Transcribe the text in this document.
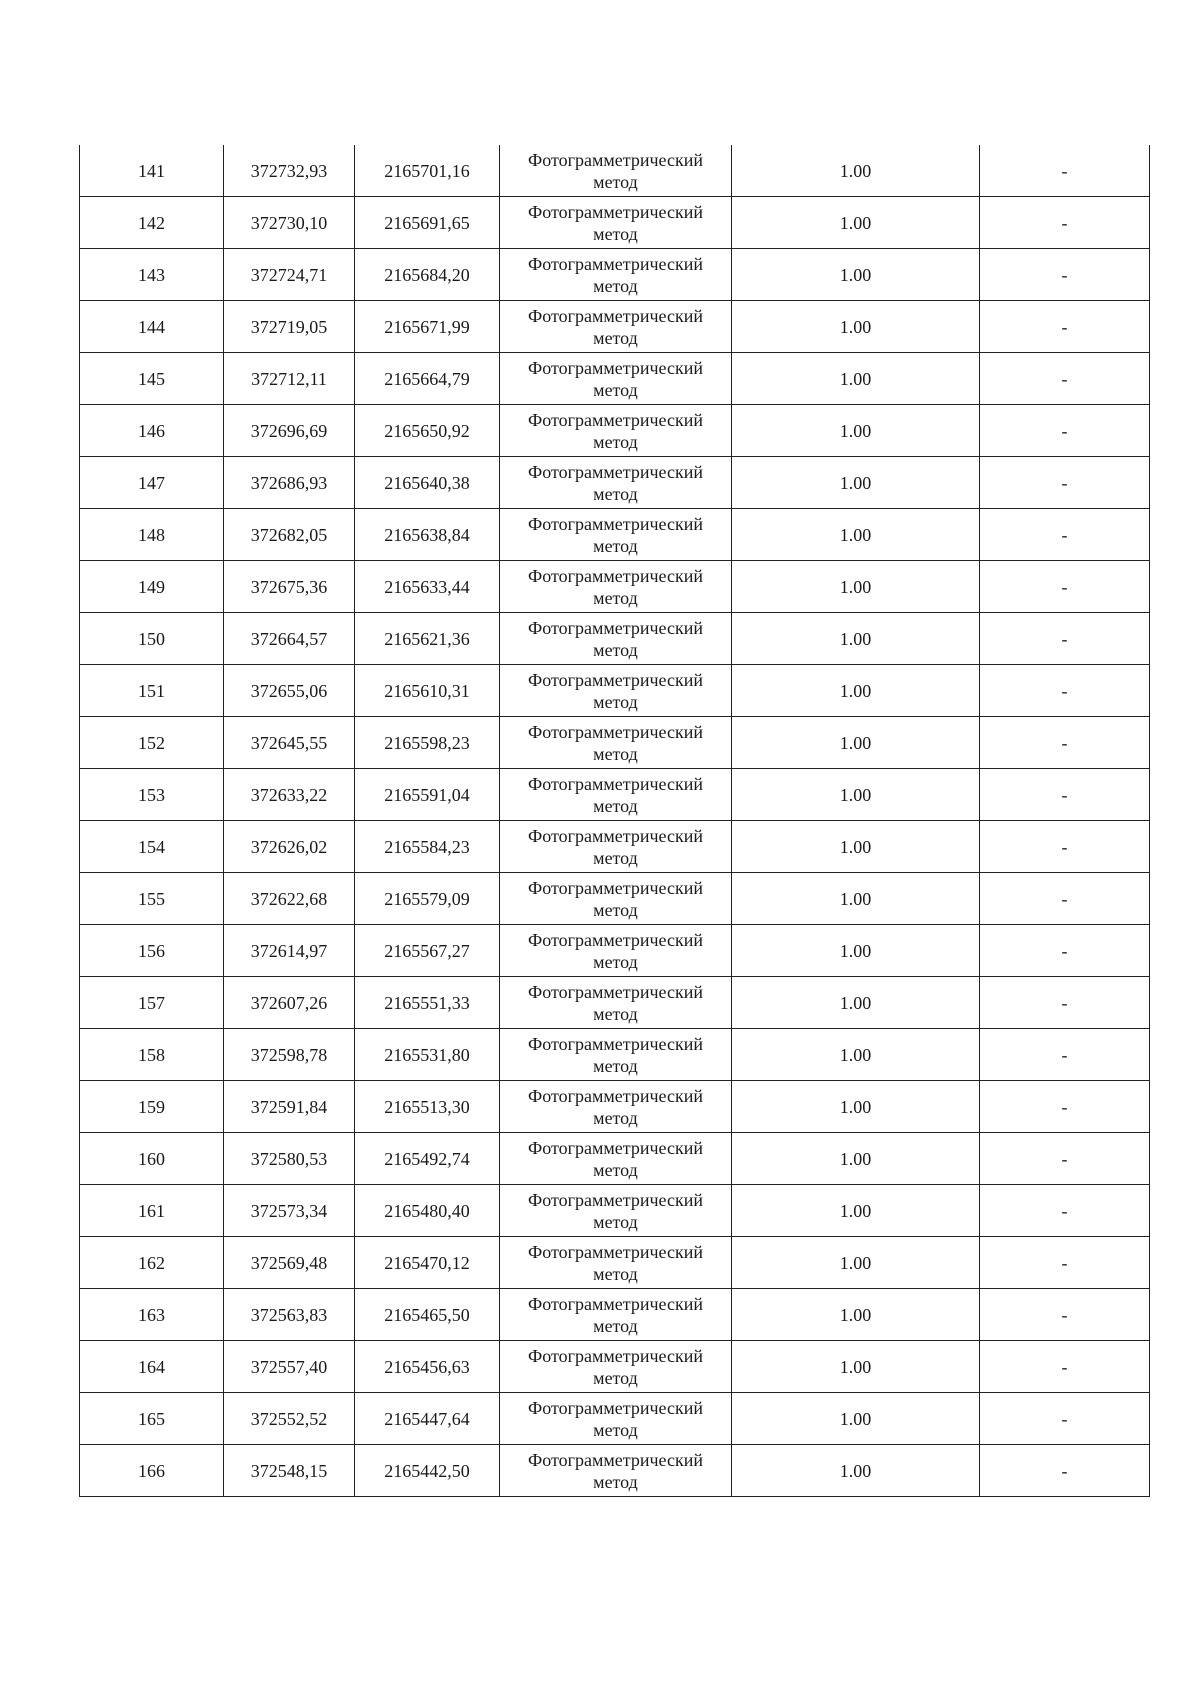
141	372732,93	2165701,16	Фотограмметрический
метод	1.00	-
142	372730,10	2165691,65	Фотограмметрический
метод	1.00	-
143	372724,71	2165684,20	Фотограмметрический
метод	1.00	-
144	372719,05	2165671,99	Фотограмметрический
метод	1.00	-
145	372712,11	2165664,79	Фотограмметрический
метод	1.00	-
146	372696,69	2165650,92	Фотограмметрический
метод	1.00	-
147	372686,93	2165640,38	Фотограмметрический
метод	1.00	-
148	372682,05	2165638,84	Фотограмметрический
метод	1.00	-
149	372675,36	2165633,44	Фотограмметрический
метод	1.00	-
150	372664,57	2165621,36	Фотограмметрический
метод	1.00	-
151	372655,06	2165610,31	Фотограмметрический
метод	1.00	-
152	372645,55	2165598,23	Фотограмметрический
метод	1.00	-
153	372633,22	2165591,04	Фотограмметрический
метод	1.00	-
154	372626,02	2165584,23	Фотограмметрический
метод	1.00	-
155	372622,68	2165579,09	Фотограмметрический
метод	1.00	-
156	372614,97	2165567,27	Фотограмметрический
метод	1.00	-
157	372607,26	2165551,33	Фотограмметрический
метод	1.00	-
158	372598,78	2165531,80	Фотограмметрический
метод	1.00	-
159	372591,84	2165513,30	Фотограмметрический
метод	1.00	-
160	372580,53	2165492,74	Фотограмметрический
метод	1.00	-
161	372573,34	2165480,40	Фотограмметрический
метод	1.00	-
162	372569,48	2165470,12	Фотограмметрический
метод	1.00	-
163	372563,83	2165465,50	Фотограмметрический
метод	1.00	-
164	372557,40	2165456,63	Фотограмметрический
метод	1.00	-
165	372552,52	2165447,64	Фотограмметрический
метод	1.00	-
166	372548,15	2165442,50	Фотограмметрический
метод	1.00	-
